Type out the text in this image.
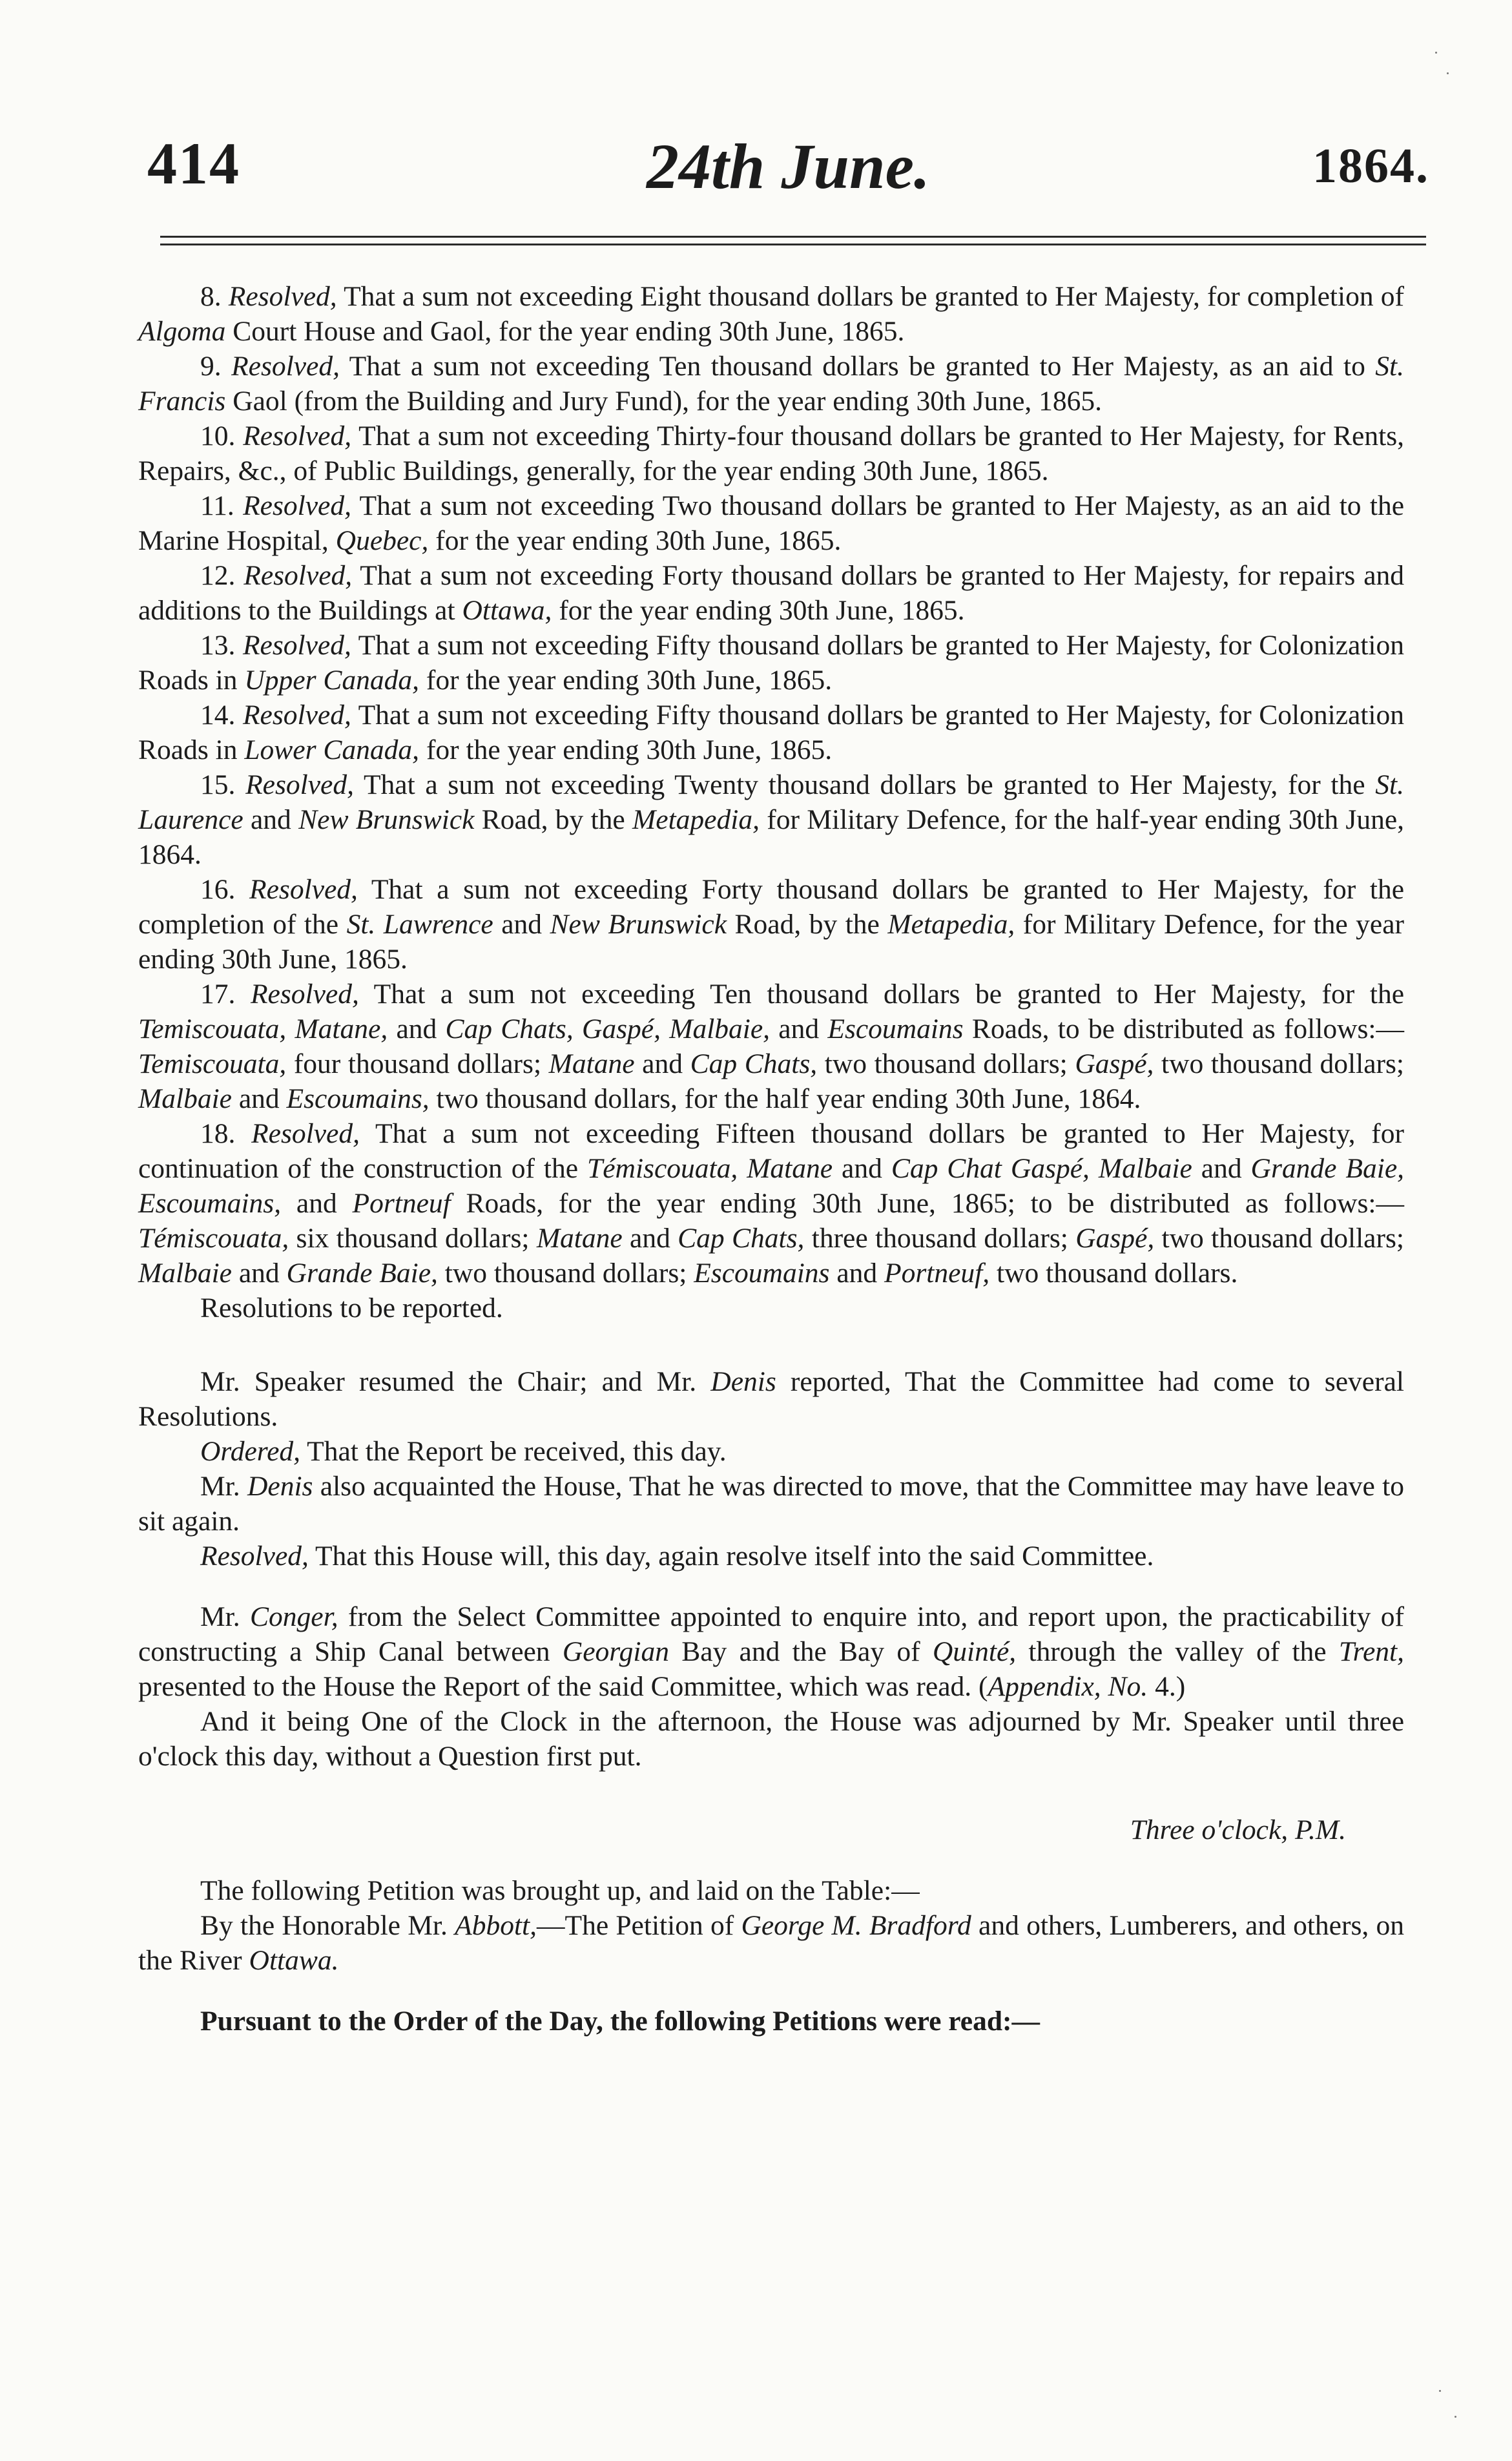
414	24th June.	1864.

8. Resolved, That a sum not exceeding Eight thousand dollars be granted to Her Majesty, for completion of Algoma Court House and Gaol, for the year ending 30th June, 1865.

9. Resolved, That a sum not exceeding Ten thousand dollars be granted to Her Majesty, as an aid to St. Francis Gaol (from the Building and Jury Fund), for the year ending 30th June, 1865.

10. Resolved, That a sum not exceeding Thirty-four thousand dollars be granted to Her Majesty, for Rents, Repairs, &c., of Public Buildings, generally, for the year ending 30th June, 1865.

11. Resolved, That a sum not exceeding Two thousand dollars be granted to Her Majesty, as an aid to the Marine Hospital, Quebec, for the year ending 30th June, 1865.

12. Resolved, That a sum not exceeding Forty thousand dollars be granted to Her Majesty, for repairs and additions to the Buildings at Ottawa, for the year ending 30th June, 1865.

13. Resolved, That a sum not exceeding Fifty thousand dollars be granted to Her Majesty, for Colonization Roads in Upper Canada, for the year ending 30th June, 1865.

14. Resolved, That a sum not exceeding Fifty thousand dollars be granted to Her Majesty, for Colonization Roads in Lower Canada, for the year ending 30th June, 1865.

15. Resolved, That a sum not exceeding Twenty thousand dollars be granted to Her Majesty, for the St. Laurence and New Brunswick Road, by the Metapedia, for Military Defence, for the half-year ending 30th June, 1864.

16. Resolved, That a sum not exceeding Forty thousand dollars be granted to Her Majesty, for the completion of the St. Lawrence and New Brunswick Road, by the Metapedia, for Military Defence, for the year ending 30th June, 1865.

17. Resolved, That a sum not exceeding Ten thousand dollars be granted to Her Majesty, for the Temiscouata, Matane, and Cap Chats, Gaspé, Malbaie, and Escoumains Roads, to be distributed as follows:—Temiscouata, four thousand dollars; Matane and Cap Chats, two thousand dollars; Gaspé, two thousand dollars; Malbaie and Escoumains, two thousand dollars, for the half year ending 30th June, 1864.

18. Resolved, That a sum not exceeding Fifteen thousand dollars be granted to Her Majesty, for continuation of the construction of the Témiscouata, Matane and Cap Chat Gaspé, Malbaie and Grande Baie, Escoumains, and Portneuf Roads, for the year ending 30th June, 1865; to be distributed as follows:—Témiscouata, six thousand dollars; Matane and Cap Chats, three thousand dollars; Gaspé, two thousand dollars; Malbaie and Grande Baie, two thousand dollars; Escoumains and Portneuf, two thousand dollars.

Resolutions to be reported.

Mr. Speaker resumed the Chair; and Mr. Denis reported, That the Committee had come to several Resolutions.

Ordered, That the Report be received, this day.

Mr. Denis also acquainted the House, That he was directed to move, that the Committee may have leave to sit again.

Resolved, That this House will, this day, again resolve itself into the said Committee.

Mr. Conger, from the Select Committee appointed to enquire into, and report upon, the practicability of constructing a Ship Canal between Georgian Bay and the Bay of Quinté, through the valley of the Trent, presented to the House the Report of the said Committee, which was read. (Appendix, No. 4.)

And it being One of the Clock in the afternoon, the House was adjourned by Mr. Speaker until three o'clock this day, without a Question first put.

Three o'clock, P.M.

The following Petition was brought up, and laid on the Table:—

By the Honorable Mr. Abbott,—The Petition of George M. Bradford and others, Lumberers, and others, on the River Ottawa.

Pursuant to the Order of the Day, the following Petitions were read:—
